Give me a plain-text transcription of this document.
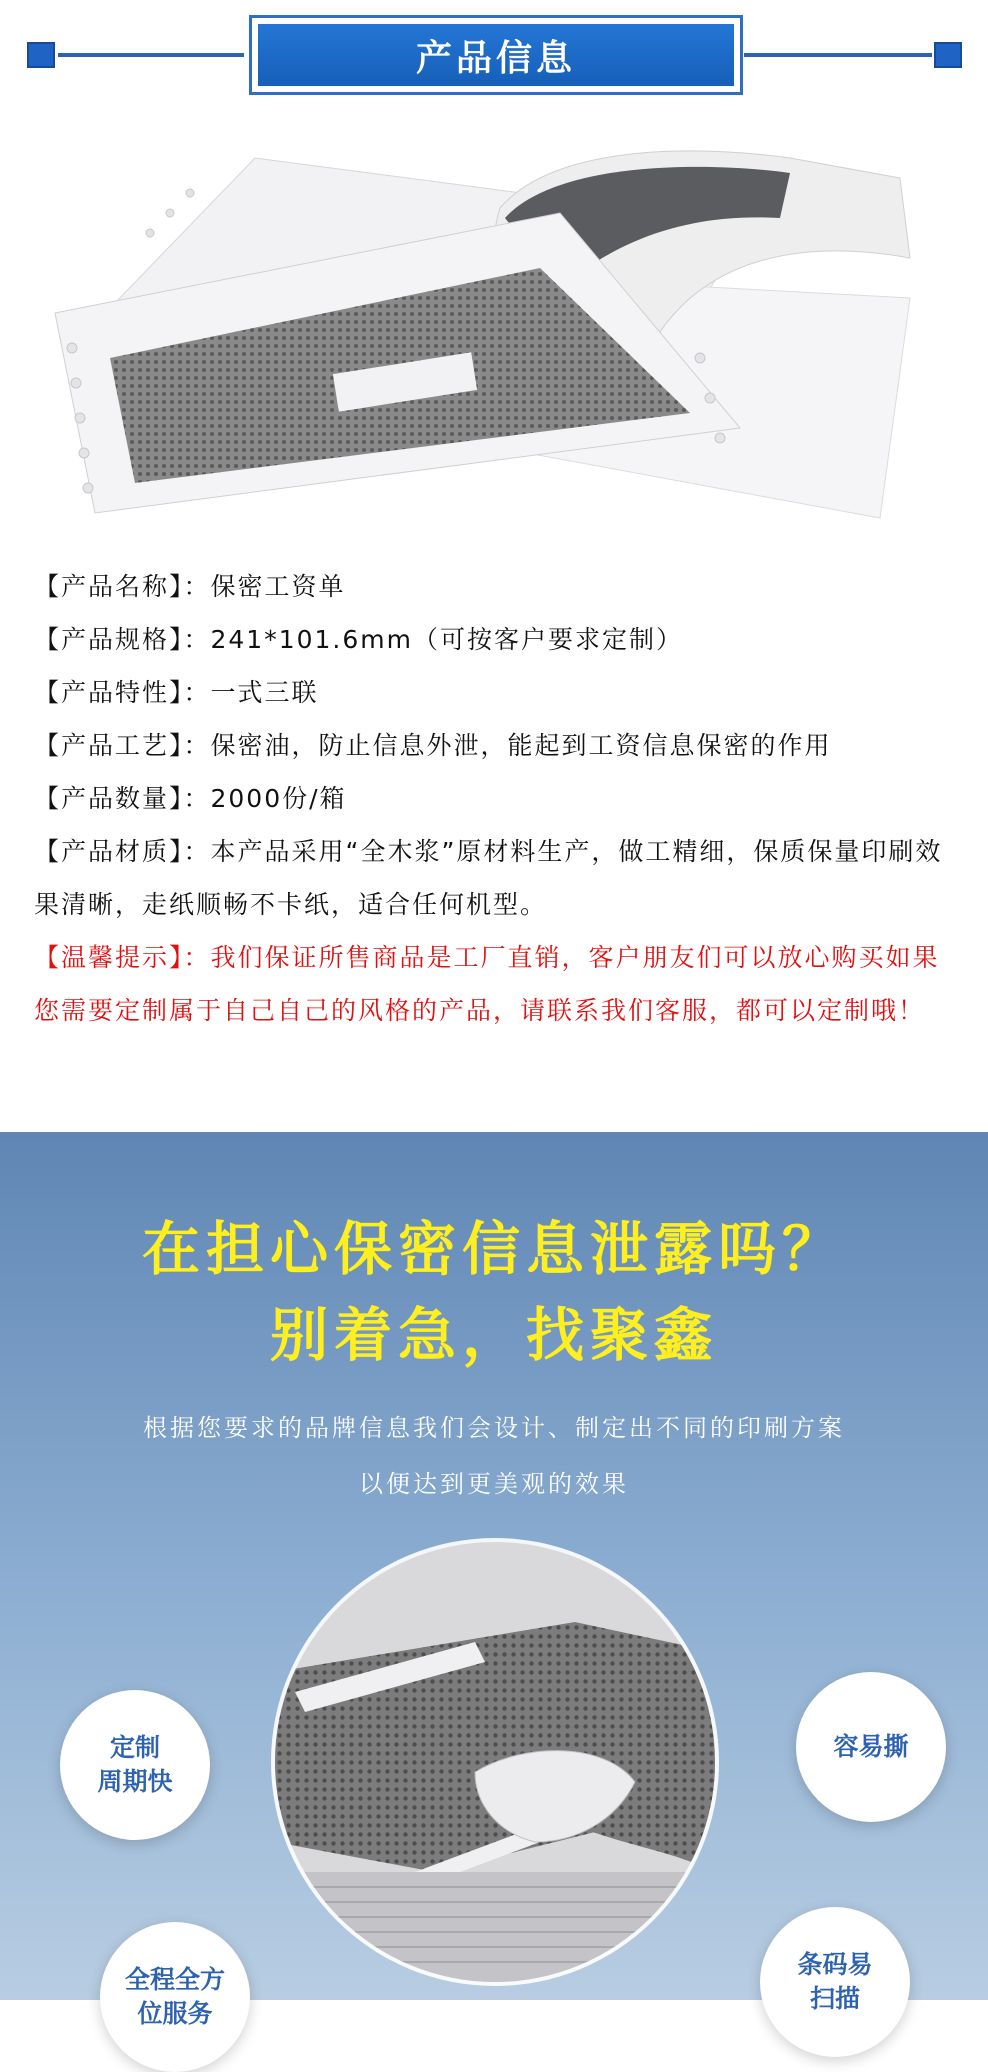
产品信息

【产品名称】：保密工资单

【产品规格】：241*101.6mm（可按客户要求定制）

【产品特性】：一式三联

【产品工艺】：保密油，防止信息外泄，能起到工资信息保密的作用

【产品数量】：2000份/箱

【产品材质】：本产品采用“全木浆”原材料生产，做工精细，保质保量印刷效果清晰，走纸顺畅不卡纸，适合任何机型。

【温馨提示】：我们保证所售商品是工厂直销，客户朋友们可以放心购买如果您需要定制属于自己自己的风格的产品，请联系我们客服，都可以定制哦！

在担心保密信息泄露吗？
别着急，找聚鑫
根据您要求的品牌信息我们会设计、制定出不同的印刷方案
以便达到更美观的效果
定制
周期快
容易撕
全程全方
位服务
条码易
扫描
